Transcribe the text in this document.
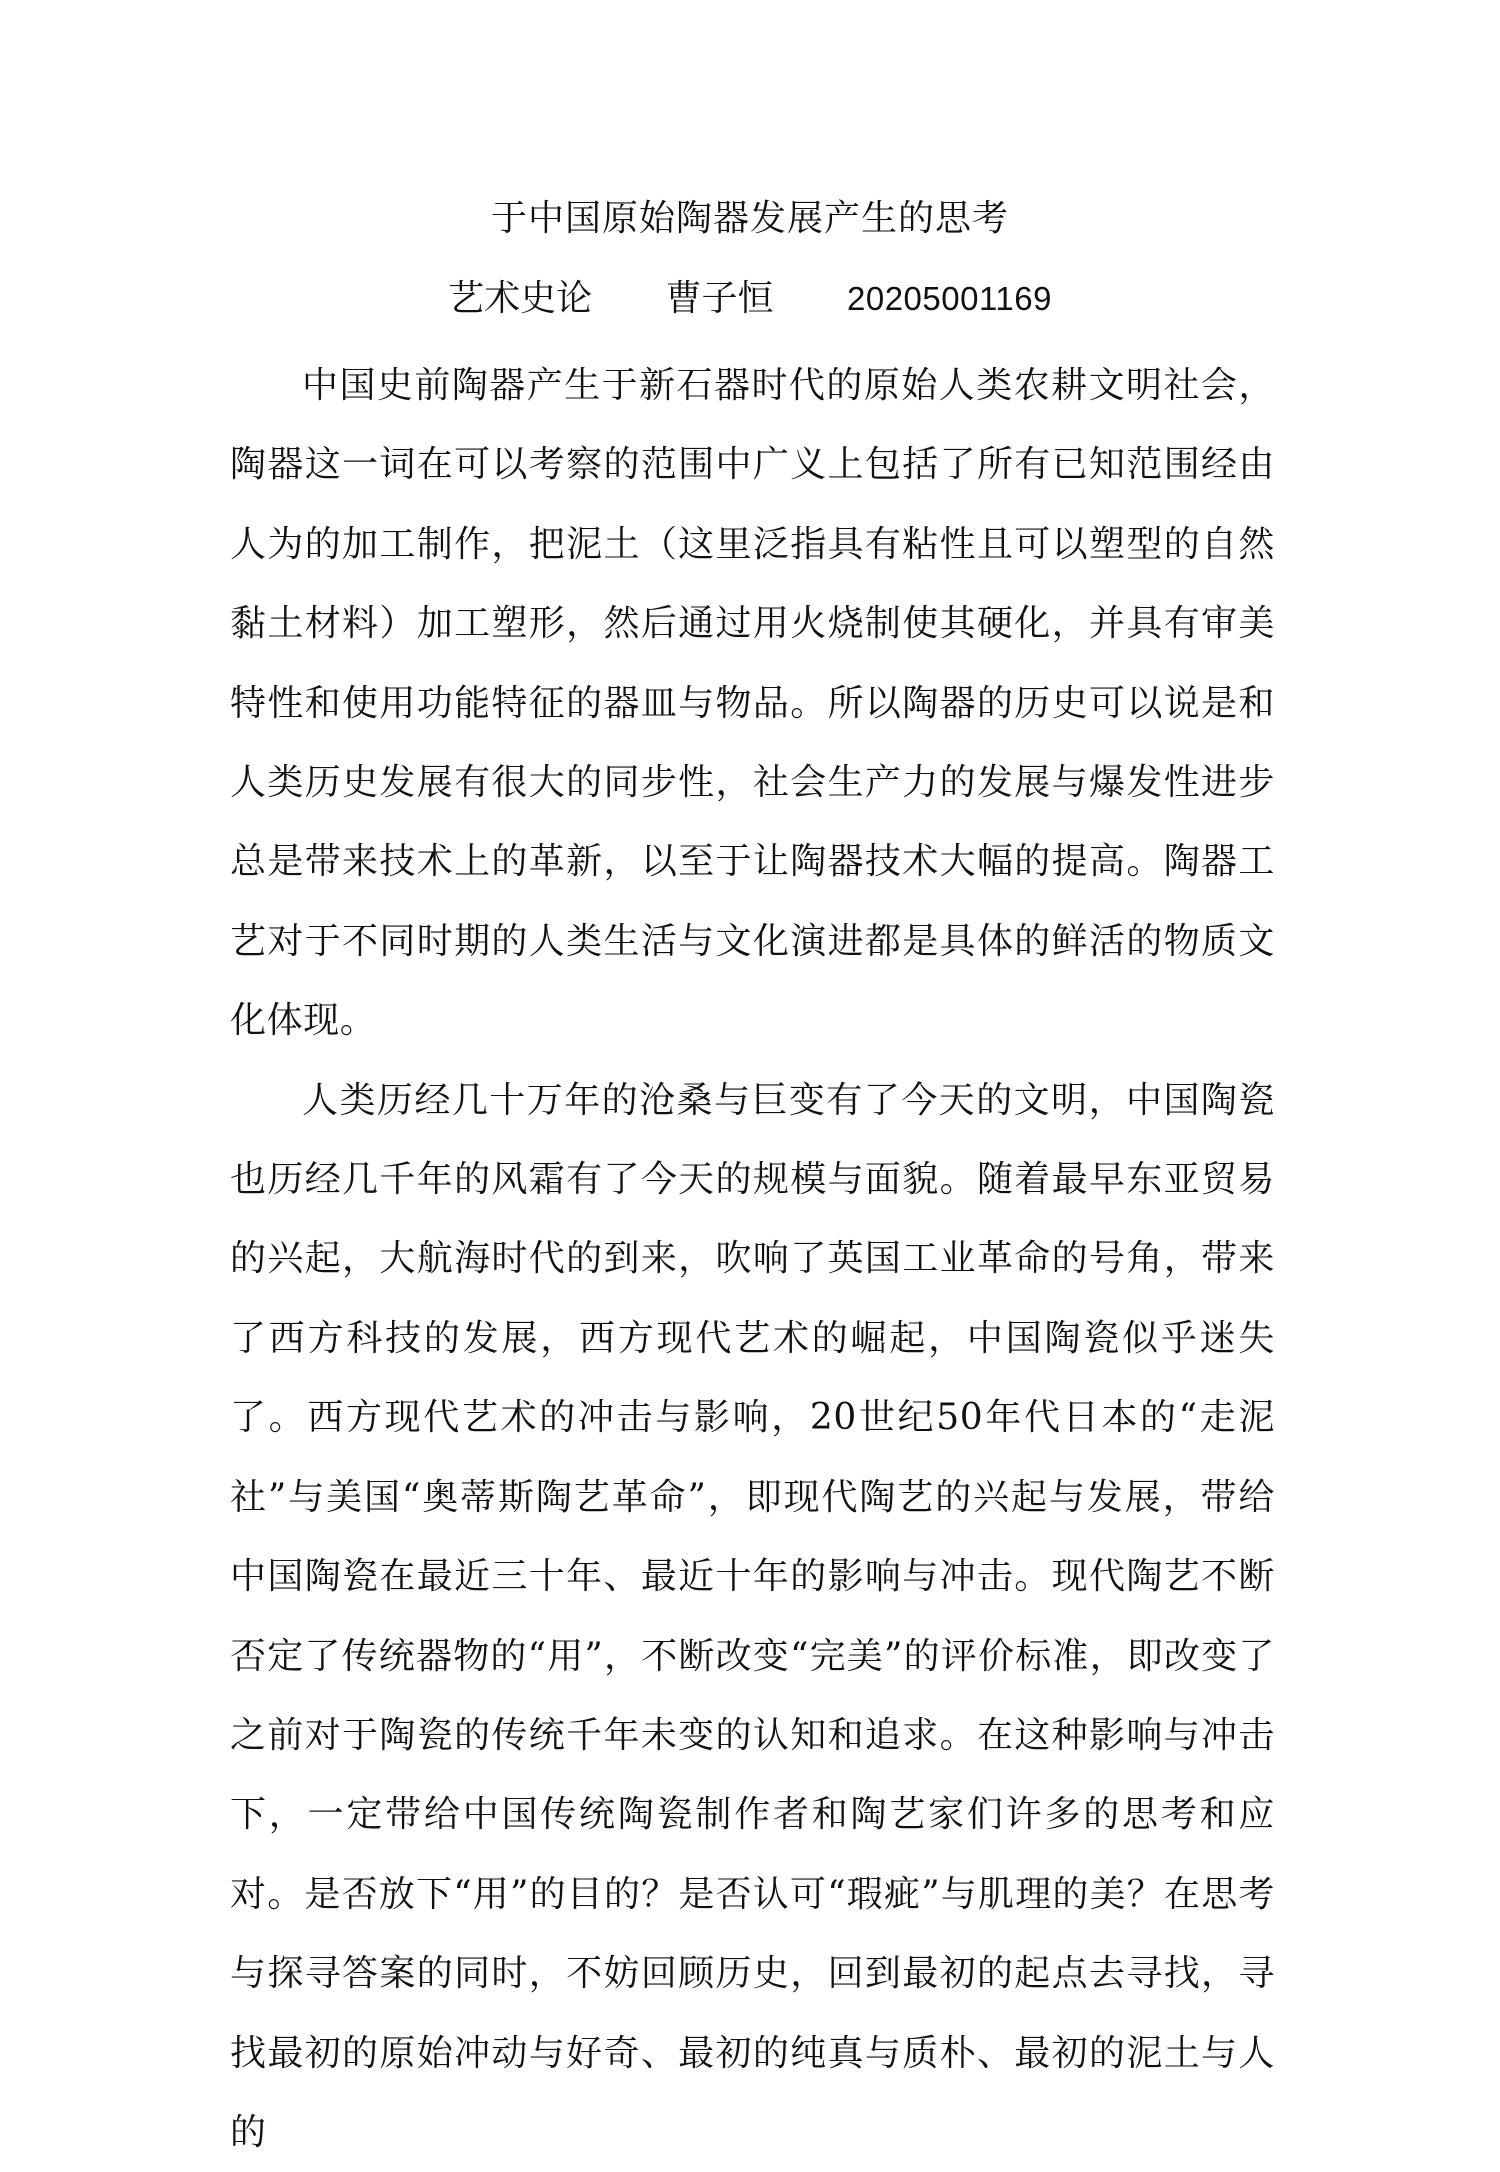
于中国原始陶器发展产生的思考
艺术史论 曹子恒 20205001169

中国史前陶器产生于新石器时代的原始人类农耕文明社会，陶器这一词在可以考察的范围中广义上包括了所有已知范围经由人为的加工制作，把泥土（这里泛指具有粘性且可以塑型的自然黏土材料）加工塑形，然后通过用火烧制使其硬化，并具有审美特性和使用功能特征的器皿与物品。所以陶器的历史可以说是和人类历史发展有很大的同步性，社会生产力的发展与爆发性进步总是带来技术上的革新，以至于让陶器技术大幅的提高。陶器工艺对于不同时期的人类生活与文化演进都是具体的鲜活的物质文化体现。

人类历经几十万年的沧桑与巨变有了今天的文明，中国陶瓷也历经几千年的风霜有了今天的规模与面貌。随着最早东亚贸易的兴起，大航海时代的到来，吹响了英国工业革命的号角，带来了西方科技的发展，西方现代艺术的崛起，中国陶瓷似乎迷失了。西方现代艺术的冲击与影响，20世纪50年代日本的“走泥社”与美国“奥蒂斯陶艺革命”，即现代陶艺的兴起与发展，带给中国陶瓷在最近三十年、最近十年的影响与冲击。现代陶艺不断否定了传统器物的“用”，不断改变“完美”的评价标准，即改变了之前对于陶瓷的传统千年未变的认知和追求。在这种影响与冲击下，一定带给中国传统陶瓷制作者和陶艺家们许多的思考和应对。是否放下“用”的目的？是否认可“瑕疵”与肌理的美？在思考与探寻答案的同时，不妨回顾历史，回到最初的起点去寻找，寻找最初的原始冲动与好奇、最初的纯真与质朴、最初的泥土与人的
